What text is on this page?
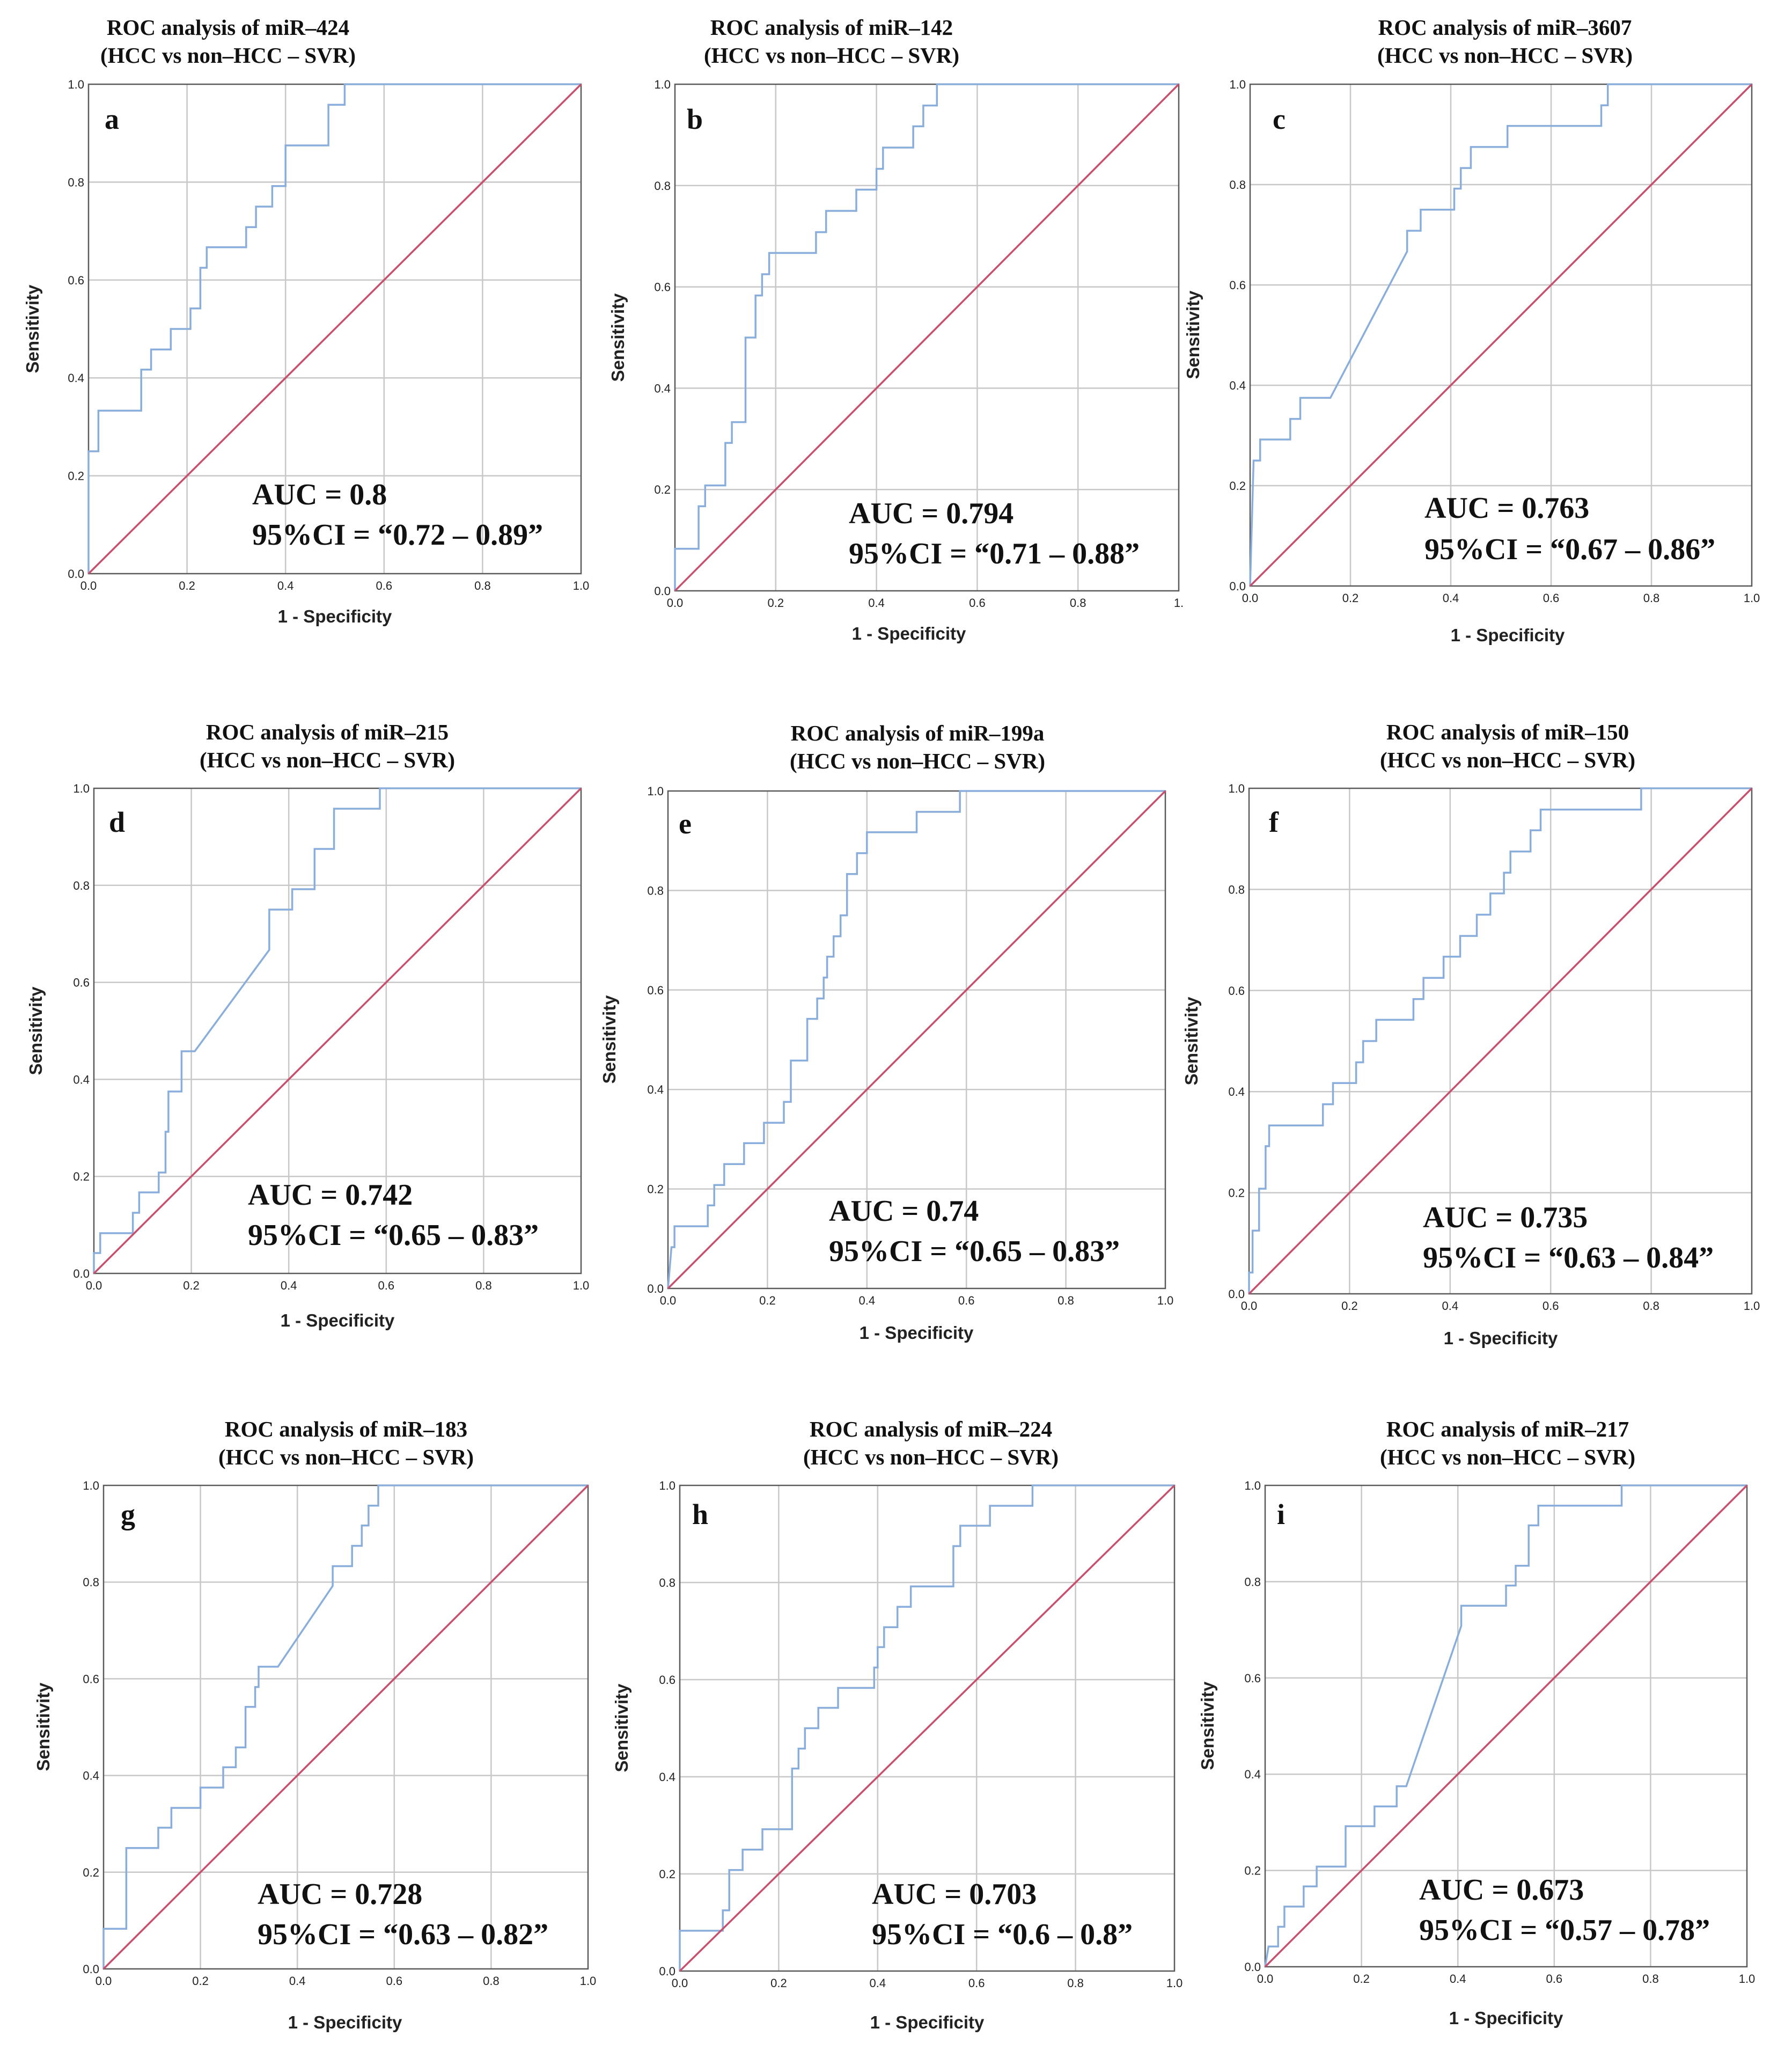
ROC analysis of miR–424
(HCC vs non–HCC – SVR)
0.0	0.2	0.4	0.6	0.8	1.0
0.0
0.2
0.4
0.6
0.8
1.0
1 - Specificity
Sensitivity
a
AUC = 0.8
95%CI = “0.72 – 0.89”
ROC analysis of miR–142
(HCC vs non–HCC – SVR)
0.0	0.2	0.4	0.6	0.8	1.
0.0
0.2
0.4
0.6
0.8
1.0
1 - Specificity
Sensitivity
b
AUC = 0.794
95%CI = “0.71 – 0.88”
ROC analysis of miR–3607
(HCC vs non–HCC – SVR)
0.0	0.2	0.4	0.6	0.8	1.0
0.0
0.2
0.4
0.6
0.8
1.0
1 - Specificity
Sensitivity
c
AUC = 0.763
95%CI = “0.67 – 0.86”
ROC analysis of miR–215
(HCC vs non–HCC – SVR)
0.0	0.2	0.4	0.6	0.8	1.0
0.0
0.2
0.4
0.6
0.8
1.0
1 - Specificity
Sensitivity
d
AUC = 0.742
95%CI = “0.65 – 0.83”
ROC analysis of miR–199a
(HCC vs non–HCC – SVR)
0.0	0.2	0.4	0.6	0.8	1.0
0.0
0.2
0.4
0.6
0.8
1.0
1 - Specificity
Sensitivity
e
AUC = 0.74
95%CI = “0.65 – 0.83”
ROC analysis of miR–150
(HCC vs non–HCC – SVR)
0.0	0.2	0.4	0.6	0.8	1.0
0.0
0.2
0.4
0.6
0.8
1.0
1 - Specificity
Sensitivity
f
AUC = 0.735
95%CI = “0.63 – 0.84”
ROC analysis of miR–183
(HCC vs non–HCC – SVR)
0.0	0.2	0.4	0.6	0.8	1.0
0.0
0.2
0.4
0.6
0.8
1.0
1 - Specificity
Sensitivity
g
AUC = 0.728
95%CI = “0.63 – 0.82”
ROC analysis of miR–224
(HCC vs non–HCC – SVR)
0.0	0.2	0.4	0.6	0.8	1.0
0.0
0.2
0.4
0.6
0.8
1.0
1 - Specificity
Sensitivity
h
AUC = 0.703
95%CI = “0.6 – 0.8”
ROC analysis of miR–217
(HCC vs non–HCC – SVR)
0.0	0.2	0.4	0.6	0.8	1.0
0.0
0.2
0.4
0.6
0.8
1.0
1 - Specificity
Sensitivity
i
AUC = 0.673
95%CI = “0.57 – 0.78”
